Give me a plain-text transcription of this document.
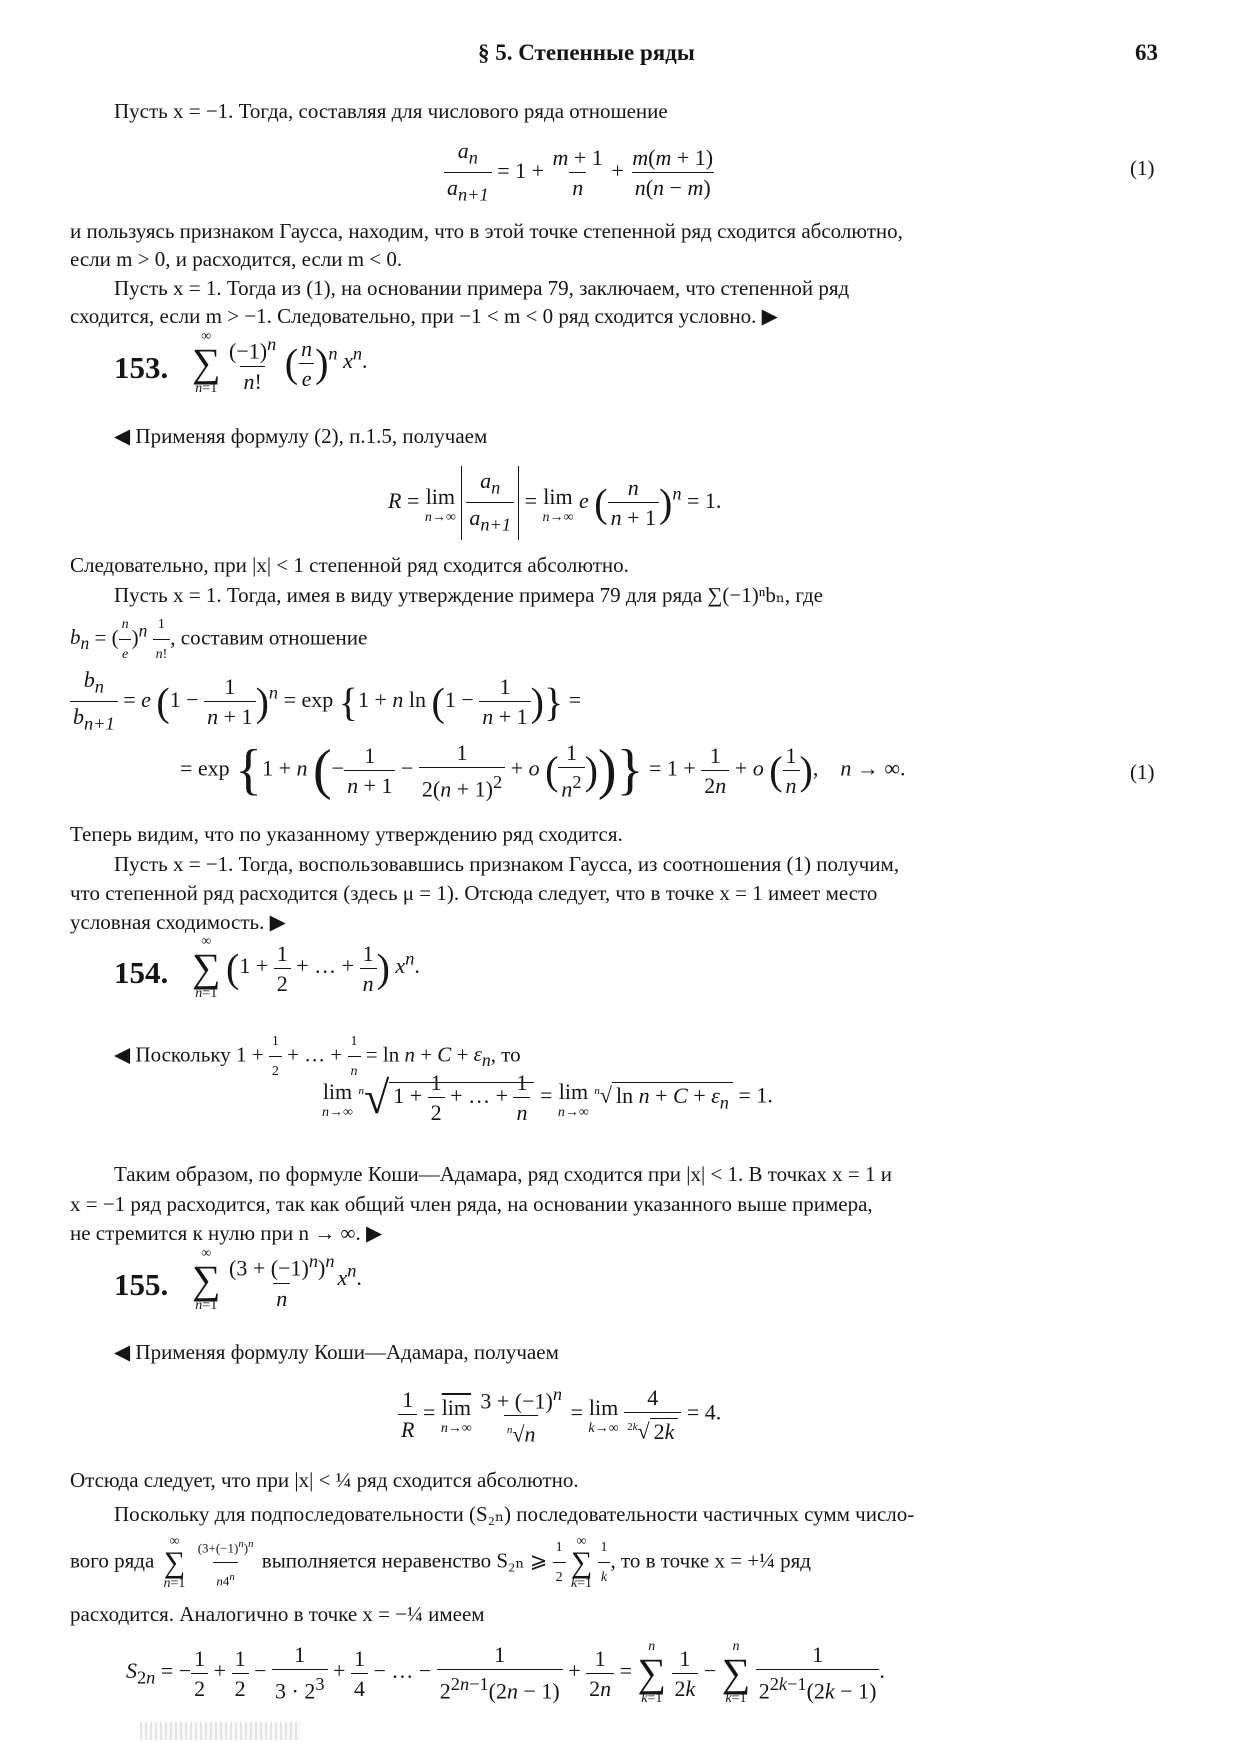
§ 5. Степенные ряды	63
Пусть x = −1. Тогда, составляя для числового ряда отношение
$\frac{a_n}{a_{n+1}} = 1 + \frac{m + 1}{n} + \frac{m(m + 1)}{n(n - m)}$	(1)
и пользуясь признаком Гаусса, находим, что в этой точке степенной ряд сходится абсолютно,
если m > 0, и расходится, если m < 0.
Пусть x = 1. Тогда из (1), на основании примера 79, заключаем, что степенной ряд
сходится, если m > −1. Следовательно, при −1 < m < 0 ряд сходится условно. ▶
153.
∞
∑
n=1
$\frac{(-1)^n}{n!}$ ( $\frac{n}{e} )^n$ $x^n$.
◀ Применяя формулу (2), п.1.5, получаем
R = lim
n→∞
$\frac{a_n}{a_{n+1}} = \lim$
n→∞
e ( $\frac{n}{n + 1} )^n = 1$.
Следовательно, при |x| < 1 степенной ряд сходится абсолютно.
Пусть x = 1. Тогда, имея в виду утверждение примера 79 для ряда ∑(−1)ⁿbₙ, где
$b_n$ = ( $\frac{n}{e} )^n \frac{1}{n!}$ , составим отношение
$\frac{b_n}{b_{n+1}} = e$ $(1 - \frac{1}{n + 1} )^n = \exp \{1 + n$ $\ln (1 - \frac{1}{n + 1}$ )} =
= exp {1 + n (− $\frac{1}{n + 1} - \frac{1}{2(n + 1)^2} + o$ ( $\frac{1}{n^2}$ ))} = $1 + \frac{1}{2n} + o$ ( $\frac{1}{n}$ ),    n → ∞.	(1)
Теперь видим, что по указанному утверждению ряд сходится.
Пусть x = −1. Тогда, воспользовавшись признаком Гаусса, из соотношения (1) получим,
что степенной ряд расходится (здесь μ = 1). Отсюда следует, что в точке x = 1 имеет место
условная сходимость. ▶
154.
∞
∑
n=1
($1 + \frac{1}{2}$ + … + $\frac{1}{n}$ ) $x^n$.
◀ Поскольку $1 + \frac{1}{2}$ + … + $\frac{1}{n} = \ln n + C + \varepsilon_n$, то
lim
n→∞
$^n$√ $1 + \frac{1}{2}$ + … + $\frac{1}{n} = \lim$
n→∞
$^n$√ $\ln n + C + \varepsilon_n = 1$.
Таким образом, по формуле Коши—Адамара, ряд сходится при |x| < 1. В точках x = 1 и
x = −1 ряд расходится, так как общий член ряда, на основании указанного выше примера,
не стремится к нулю при n → ∞. ▶
155.
∞
∑
n=1
$\frac{(3 + (-1)^n)^n}{n} x^n$.
◀ Применяя формулу Коши—Адамара, получаем
$\frac{1}{R} = \overline{lim}$
n→∞
$\frac{3 + (-1)^n}{^n√n} = \lim$
k→∞
$\frac{4}{^{2k}√ 2k} = 4$.
Отсюда следует, что при |x| < ¼ ряд сходится абсолютно.
Поскольку для подпоследовательности (S₂ₙ) последовательности частичных сумм число-
вого ряда
∞
∑
n=1
$\frac{(3+(-1)^n)^n}{n4^n}$ выполняется неравенство S₂ₙ ⩾ $\frac{1}{2}$
∞
∑
k=1
$\frac{1}{k}$ , то в точке x = +¼ ряд
расходится. Аналогично в точке x = −¼ имеем
$S_{2n}$ = − $\frac{1}{2} + \frac{1}{2} - \frac{1}{3 \cdot 2^3} + \frac{1}{4}$ − … − $\frac{1}{2^{2n-1}(2n - 1)} + \frac{1}{2n}$ =
n
∑
k=1
$\frac{1}{2k}$ −
n
∑
k=1
$\frac{1}{2^{2k-1}(2k - 1)}$ .
